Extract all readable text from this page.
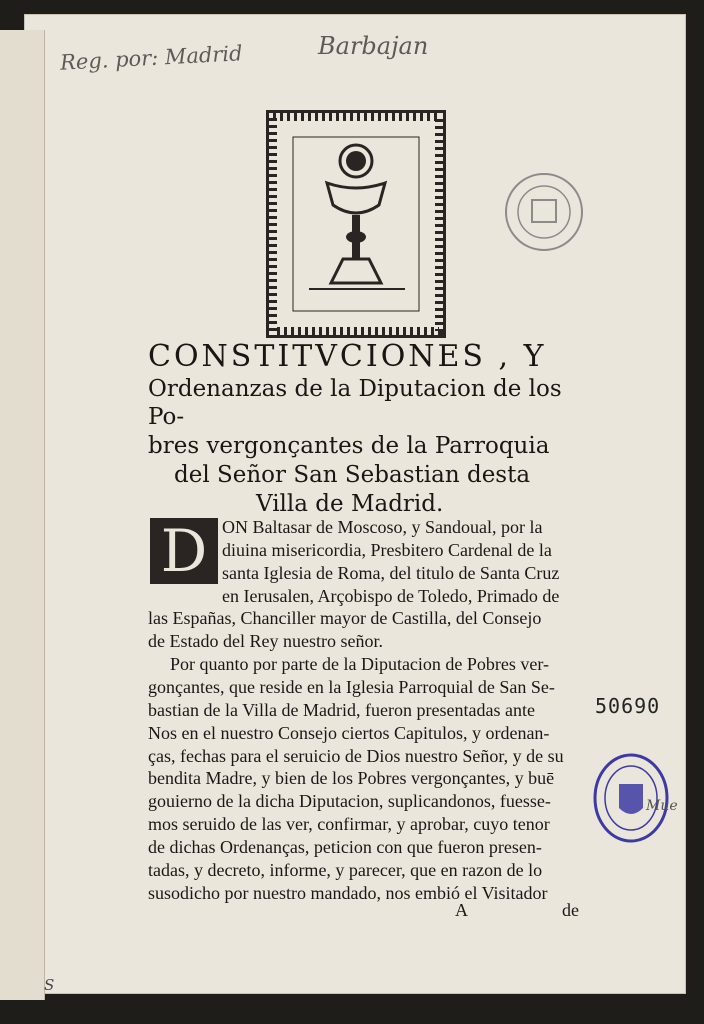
Reg. por: Madrid	Barbajan
CONSTITVCIONES , Y
Ordenanzas de la Diputacion de los Po-
bres vergonçantes de la Parroquia
del Señor San Sebastian desta
Villa de Madrid.
D ON Baltasar de Moscoso, y Sandoual, por la
diuina misericordia, Presbitero Cardenal de la
santa Iglesia de Roma, del titulo de Santa Cruz
en Ierusalen, Arçobispo de Toledo, Primado de
las Españas, Chanciller mayor de Castilla, del Consejo
de Estado del Rey nuestro señor.
Por quanto por parte de la Diputacion de Pobres ver-
gonçantes, que reside en la Iglesia Parroquial de San Se-
bastian de la Villa de Madrid, fueron presentadas ante
Nos en el nuestro Consejo ciertos Capitulos, y ordenan-
ças, fechas para el seruicio de Dios nuestro Señor, y de su
bendita Madre, y bien de los Pobres vergonçantes, y buē
gouierno de la dicha Diputacion, suplicandonos, fuesse-
mos seruido de las ver, confirmar, y aprobar, cuyo tenor
de dichas Ordenanças, peticion con que fueron presen-
tadas, y decreto, informe, y parecer, que en razon de lo
susodicho por nuestro mandado, nos embió el Visitador
A	de
50690
S
Mue
